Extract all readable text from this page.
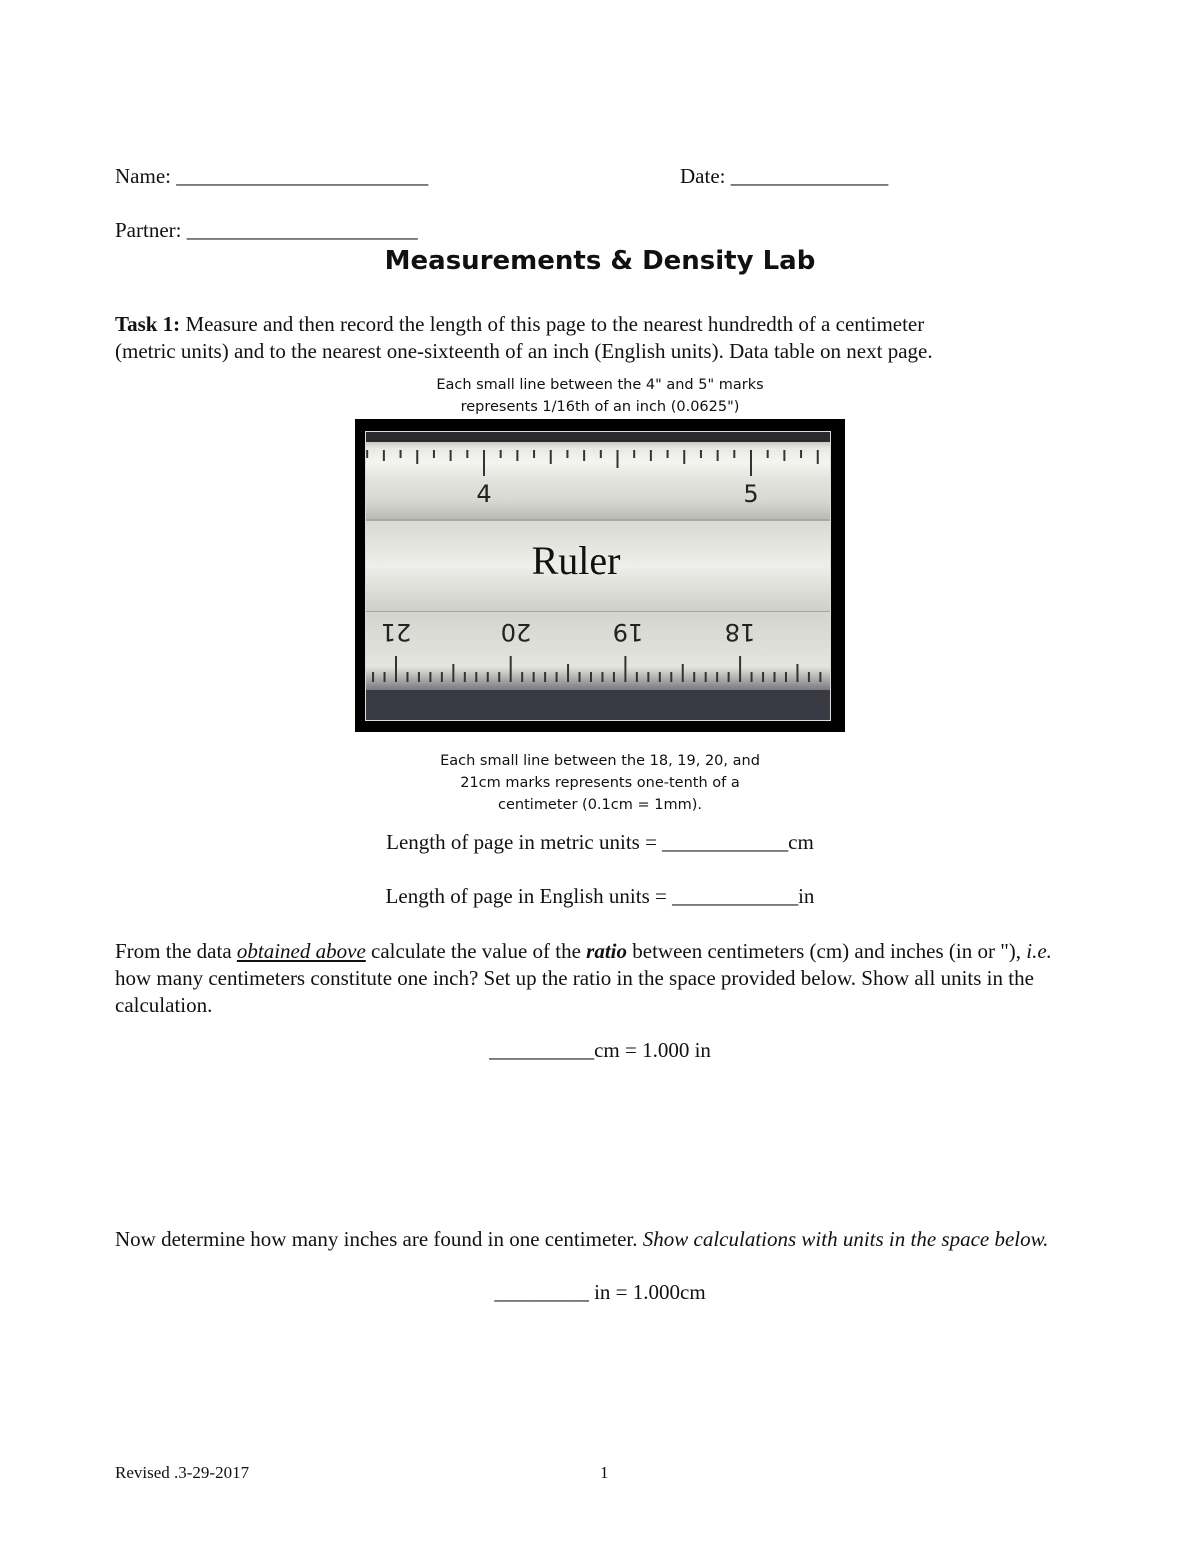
Name: ________________________	Date: _______________
Partner: ______________________
Measurements & Density Lab
Task 1: Measure and then record the length of this page to the nearest hundredth of a centimeter
(metric units) and to the nearest one-sixteenth of an inch (English units). Data table on next page.
Each small line between the 4" and 5" marks
represents 1/16th of an inch (0.0625")
4	5
Ruler
21	20	19	18
Each small line between the 18, 19, 20, and
21cm marks represents one-tenth of a
centimeter (0.1cm = 1mm).
Length of page in metric units = ____________cm
Length of page in English units = ____________in
From the data obtained above calculate the value of the ratio between centimeters (cm) and inches (in or "), i.e. how many centimeters constitute one inch? Set up the ratio in the space provided below. Show all units in the calculation.
__________cm = 1.000 in
Now determine how many inches are found in one centimeter. Show calculations with units in the space below.
_________ in = 1.000cm
Revised .3-29-2017	1
